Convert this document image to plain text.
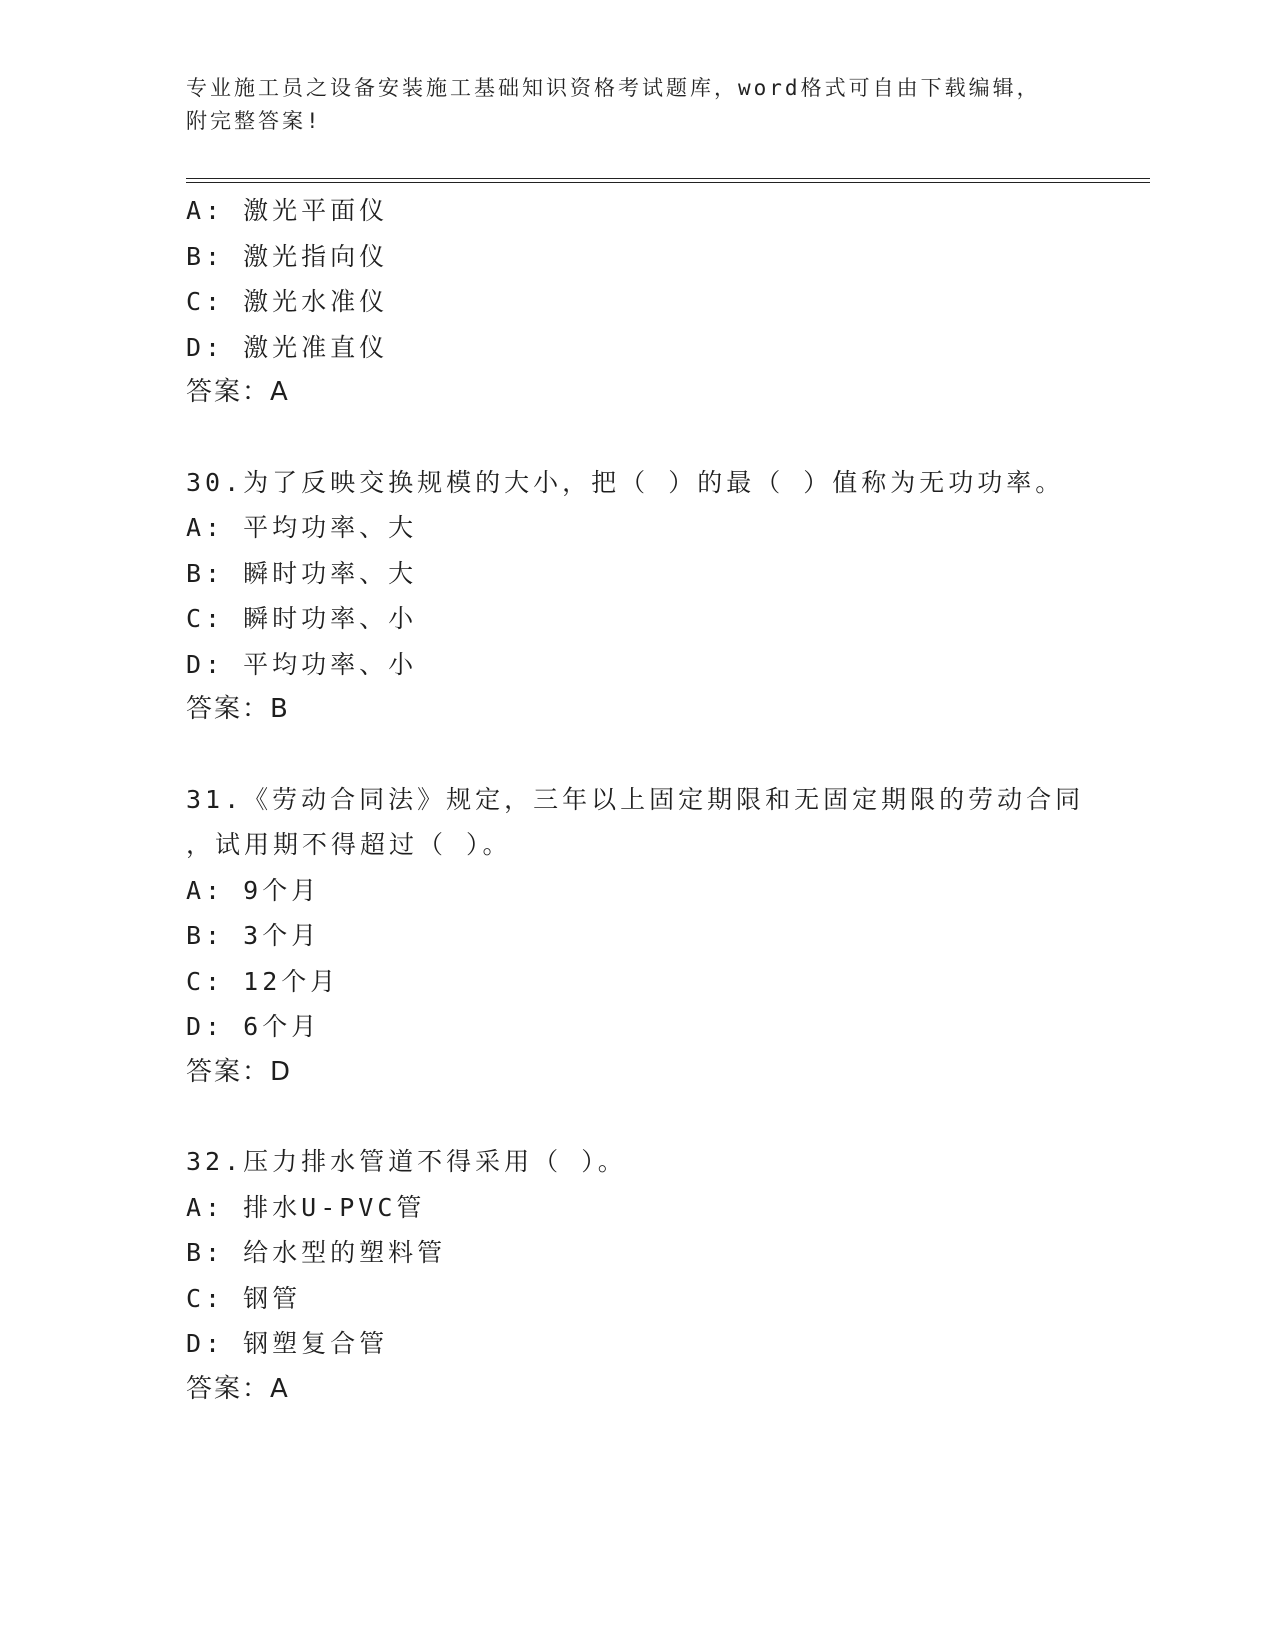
专业施工员之设备安装施工基础知识资格考试题库，word格式可自由下载编辑，
附完整答案!
A: 激光平面仪
B: 激光指向仪
C: 激光水准仪
D: 激光准直仪
答案：A
30.为了反映交换规模的大小，把（ ）的最（ ）值称为无功功率。
A: 平均功率、大
B: 瞬时功率、大
C: 瞬时功率、小
D: 平均功率、小
答案：B
31.《劳动合同法》规定，三年以上固定期限和无固定期限的劳动合同
，试用期不得超过（ ）。
A: 9个月
B: 3个月
C: 12个月
D: 6个月
答案：D
32.压力排水管道不得采用（ ）。
A: 排水U-PVC管
B: 给水型的塑料管
C: 钢管
D: 钢塑复合管
答案：A
